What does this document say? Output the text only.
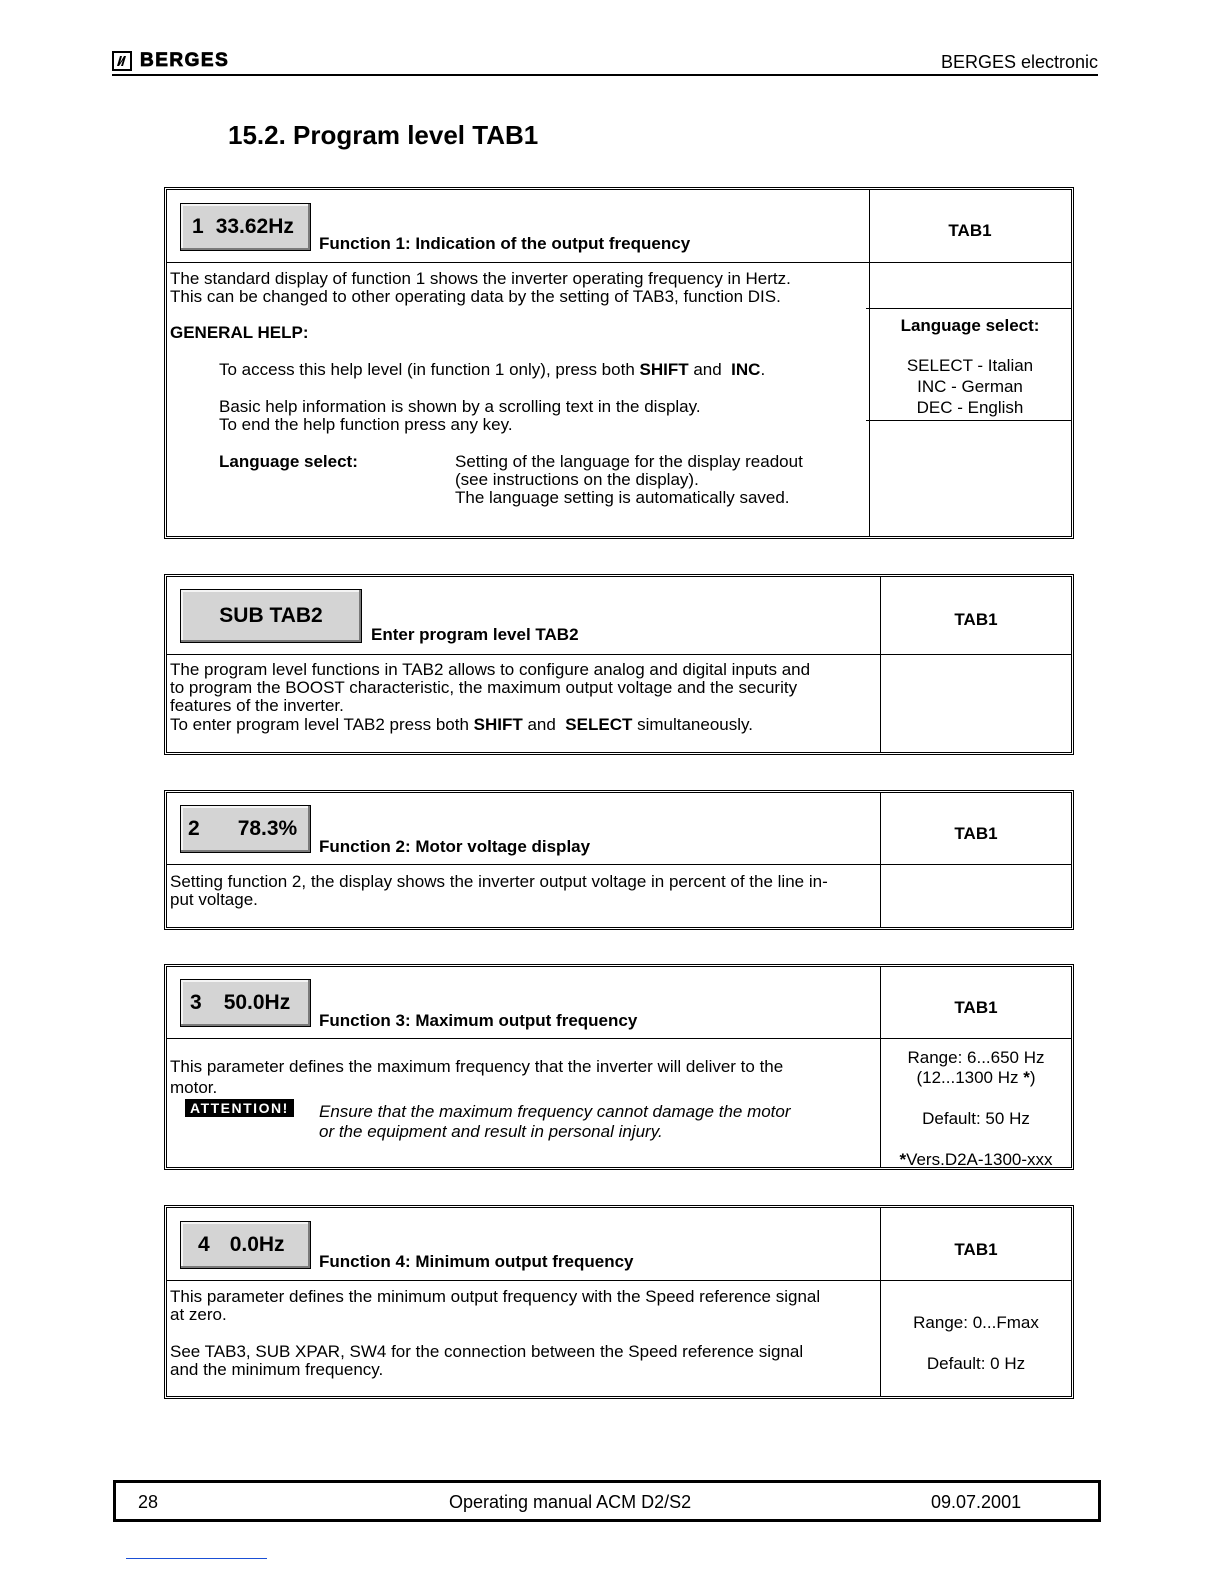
BERGES	BERGES electronic
15.2. Program level TAB1
1 33.62Hz
Function 1: Indication of the output frequency
TAB1
The standard display of function 1 shows the inverter operating frequency in Hertz.
This can be changed to other operating data by the setting of TAB3, function DIS.
GENERAL HELP:
To access this help level (in function 1 only), press both SHIFT and  INC.
Basic help information is shown by a scrolling text in the display.
To end the help function press any key.
Language select:	Setting of the language for the display readout
(see instructions on the display).
The language setting is automatically saved.
Language select:
SELECT - Italian
INC - German
DEC - English
SUB TAB2
Enter program level TAB2
TAB1
The program level functions in TAB2 allows to configure analog and digital inputs and
to program the BOOST characteristic, the maximum output voltage and the security
features of the inverter.
To enter program level TAB2 press both SHIFT and  SELECT simultaneously.
2 78.3%
Function 2: Motor voltage display
TAB1
Setting function 2, the display shows the inverter output voltage in percent of the line in-
put voltage.
3 50.0Hz
Function 3: Maximum output frequency
TAB1
This parameter defines the maximum frequency that the inverter will deliver to the
motor.
ATTENTION! Ensure that the maximum frequency cannot damage the motor
or the equipment and result in personal injury.
Range: 6...650 Hz
(12...1300 Hz *)
Default: 50 Hz
*Vers.D2A-1300-xxx
4 0.0Hz
Function 4: Minimum output frequency
TAB1
This parameter defines the minimum output frequency with the Speed reference signal
at zero.
See TAB3, SUB XPAR, SW4 for the connection between the Speed reference signal
and the minimum frequency.
Range: 0...Fmax
Default: 0 Hz
28	Operating manual ACM D2/S2	09.07.2001
